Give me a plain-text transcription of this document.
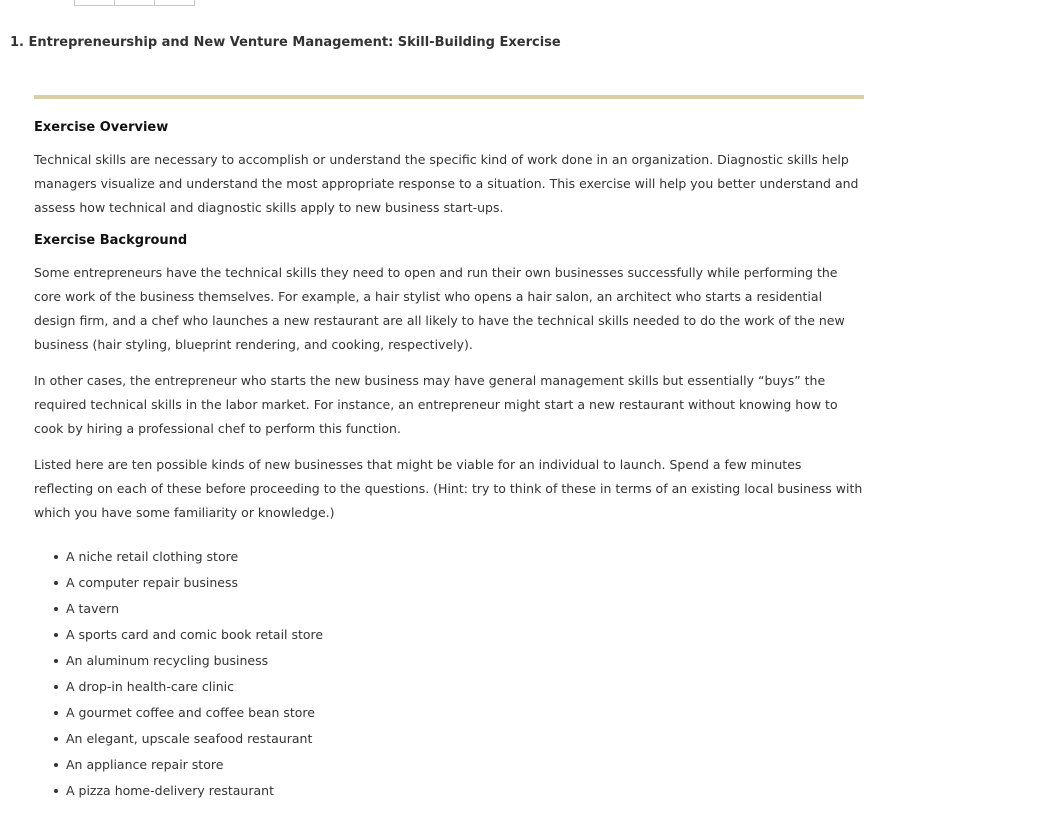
1. Entrepreneurship and New Venture Management: Skill-Building Exercise
Exercise Overview

Technical skills are necessary to accomplish or understand the specific kind of work done in an organization. Diagnostic skills help managers visualize and understand the most appropriate response to a situation. This exercise will help you better understand and assess how technical and diagnostic skills apply to new business start-ups.

Exercise Background

Some entrepreneurs have the technical skills they need to open and run their own businesses successfully while performing the core work of the business themselves. For example, a hair stylist who opens a hair salon, an architect who starts a residential design firm, and a chef who launches a new restaurant are all likely to have the technical skills needed to do the work of the new business (hair styling, blueprint rendering, and cooking, respectively).

In other cases, the entrepreneur who starts the new business may have general management skills but essentially “buys” the required technical skills in the labor market. For instance, an entrepreneur might start a new restaurant without knowing how to cook by hiring a professional chef to perform this function.

Listed here are ten possible kinds of new businesses that might be viable for an individual to launch. Spend a few minutes reflecting on each of these before proceeding to the questions. (Hint: try to think of these in terms of an existing local business with which you have some familiarity or knowledge.)

A niche retail clothing store
A computer repair business
A tavern
A sports card and comic book retail store
An aluminum recycling business
A drop-in health-care clinic
A gourmet coffee and coffee bean store
An elegant, upscale seafood restaurant
An appliance repair store
A pizza home-delivery restaurant
